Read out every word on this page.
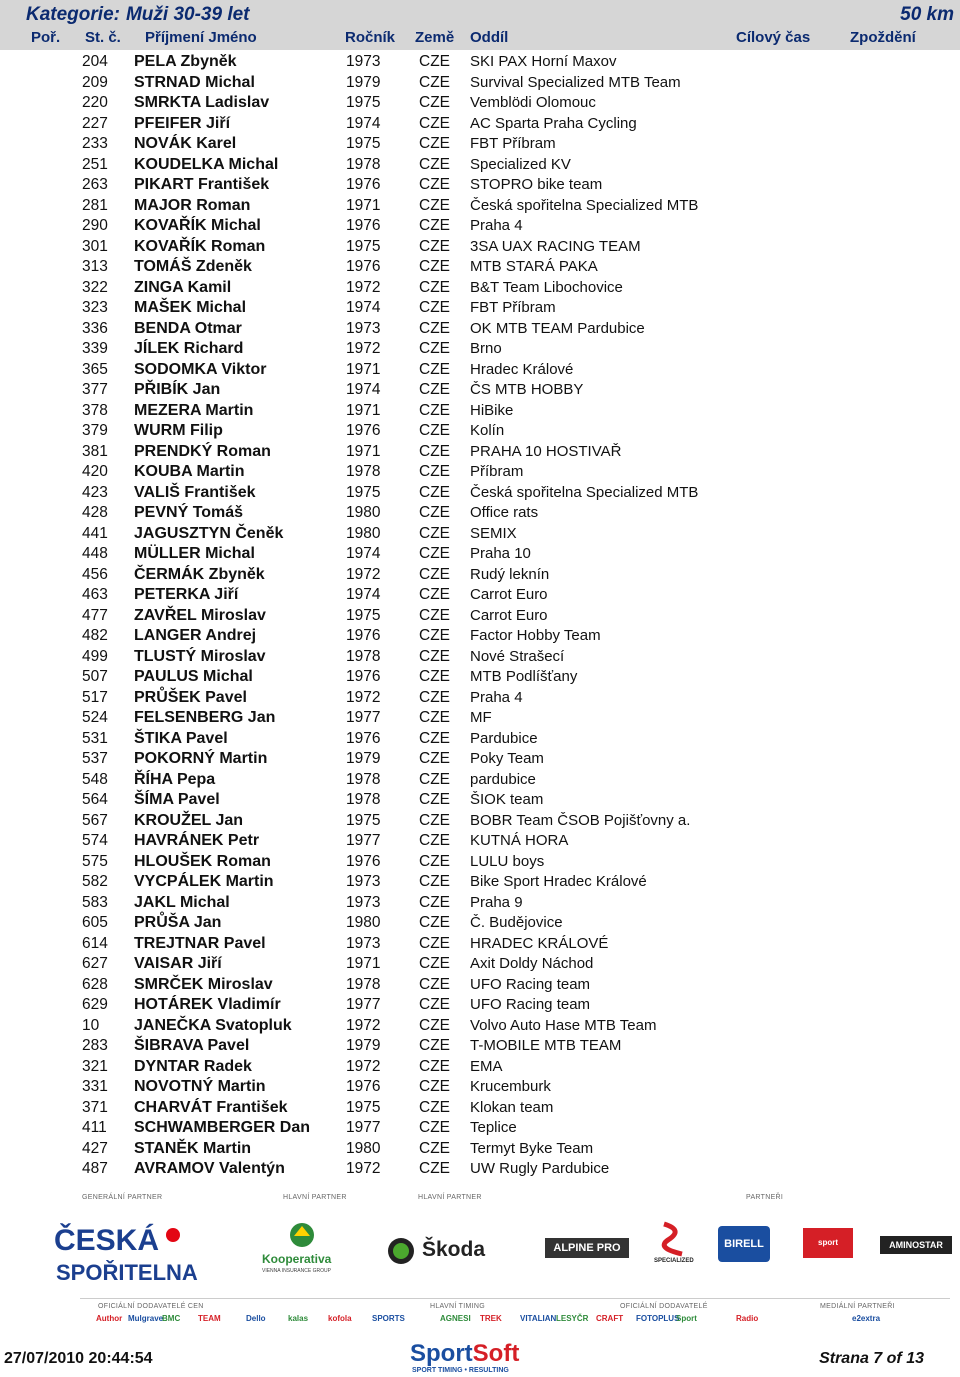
Kategorie: Muži 30-39 let	50 km
Poř. St. č. Příjmení Jméno	Ročník Země Oddíl	Cílový čas	Zpoždění
204 PELA Zbyněk	1973 CZE SKI PAX Horní Maxov
209 STRNAD Michal	1979 CZE Survival Specialized MTB Team
220 SMRKTA Ladislav	1975 CZE Vemblödi Olomouc
227 PFEIFER Jiří	1974 CZE AC Sparta Praha Cycling
233 NOVÁK Karel	1975 CZE FBT Příbram
251 KOUDELKA Michal	1978 CZE Specialized KV
263 PIKART František	1976 CZE STOPRO bike team
281 MAJOR Roman	1971 CZE Česká spořitelna Specialized MTB
290 KOVAŘÍK Michal	1976 CZE Praha 4
301 KOVAŘÍK Roman	1975 CZE 3SA UAX RACING TEAM
313 TOMÁŠ Zdeněk	1976 CZE MTB STARÁ PAKA
322 ZINGA Kamil	1972 CZE B&T Team Libochovice
323 MAŠEK Michal	1974 CZE FBT Příbram
336 BENDA Otmar	1973 CZE OK MTB TEAM Pardubice
339 JÍLEK Richard	1972 CZE Brno
365 SODOMKA Viktor	1971 CZE Hradec Králové
377 PŘIBÍK Jan	1974 CZE ČS MTB HOBBY
378 MEZERA Martin	1971 CZE HiBike
379 WURM Filip	1976 CZE Kolín
381 PRENDKÝ Roman	1971 CZE PRAHA 10 HOSTIVAŘ
420 KOUBA Martin	1978 CZE Příbram
423 VALIŠ František	1975 CZE Česká spořitelna Specialized MTB
428 PEVNÝ Tomáš	1980 CZE Office rats
441 JAGUSZTYN Čeněk	1980 CZE SEMIX
448 MÜLLER Michal	1974 CZE Praha 10
456 ČERMÁK Zbyněk	1972 CZE Rudý leknín
463 PETERKA Jiří	1974 CZE Carrot Euro
477 ZAVŘEL Miroslav	1975 CZE Carrot Euro
482 LANGER Andrej	1976 CZE Factor Hobby Team
499 TLUSTÝ Miroslav	1978 CZE Nové Strašecí
507 PAULUS Michal	1976 CZE MTB Podlíšťany
517 PRŮŠEK Pavel	1972 CZE Praha 4
524 FELSENBERG Jan	1977 CZE MF
531 ŠTIKA Pavel	1976 CZE Pardubice
537 POKORNÝ Martin	1979 CZE Poky Team
548 ŘÍHA Pepa	1978 CZE pardubice
564 ŠÍMA Pavel	1978 CZE ŠIOK team
567 KROUŽEL Jan	1975 CZE BOBR Team ČSOB Pojišťovny a.
574 HAVRÁNEK Petr	1977 CZE KUTNÁ HORA
575 HLOUŠEK Roman	1976 CZE LULU boys
582 VYCPÁLEK Martin	1973 CZE Bike Sport Hradec Králové
583 JAKL Michal	1973 CZE Praha 9
605 PRŮŠA Jan	1980 CZE Č. Budějovice
614 TREJTNAR Pavel	1973 CZE HRADEC KRÁLOVÉ
627 VAISAR Jiří	1971 CZE Axit Doldy Náchod
628 SMRČEK Miroslav	1978 CZE UFO Racing team
629 HOTÁREK Vladimír	1977 CZE UFO Racing team
10 JANEČKA Svatopluk	1972 CZE Volvo Auto Hase MTB Team
283 ŠIBRAVA Pavel	1979 CZE T-MOBILE MTB TEAM
321 DYNTAR Radek	1972 CZE EMA
331 NOVOTNÝ Martin	1976 CZE Krucemburk
371 CHARVÁT František	1975 CZE Klokan team
411 SCHWAMBERGER Dan 1977 CZE Teplice
427 STANĚK Martin	1980 CZE Termyt Byke Team
487 AVRAMOV Valentýn	1972 CZE UW Rugly Pardubice
GENERÁLNÍ PARTNER	HLAVNÍ PARTNER	HLAVNÍ PARTNER	PARTNEŘI
ČESKÁ
SPOŘITELNA
Kooperativa
VIENNA INSURANCE GROUP
Škoda	ALPINE PRO
SPECIALIZED
BIRELL	sport obchod.cz
AMINOSTAR
OFICIÁLNÍ DODAVATELÉ CEN	HLAVNÍ TIMING	OFICIÁLNÍ DODAVATELÉ	MEDIÁLNÍ PARTNEŘI
Author Mulgrave
BMC TEAM	Dello	kalas kofola	SPORTS	AGNESI TREK VITALIAN LESYČR CRAFT FOTOPLUS
Sport	Radio	e2extra
27/07/2010 20:44:54	SportSoft
SPORT TIMING • RESULTING
Strana 7 of 13
